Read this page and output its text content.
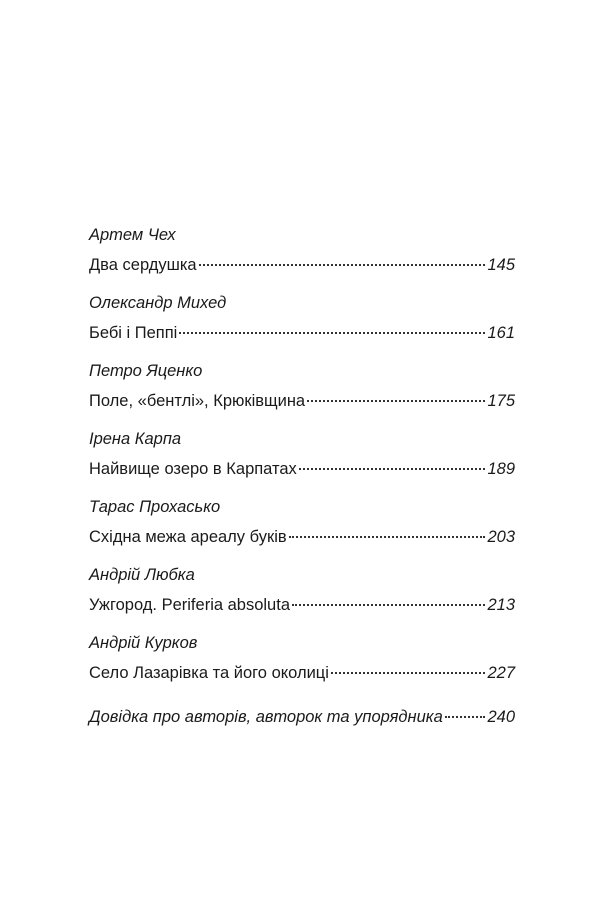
Артем Чех
Два сердушка	145
Олександр Михед
Бебі і Пеппі	161
Петро Яценко
Поле, «бентлі», Крюківщина	175
Ірена Карпа
Найвище озеро в Карпатах	189
Тарас Прохасько
Східна межа ареалу буків	203
Андрій Любка
Ужгород. Periferia absoluta	213
Андрій Курков
Село Лазарівка та його околиці	227
Довідка про авторів, авторок та упорядника	240
